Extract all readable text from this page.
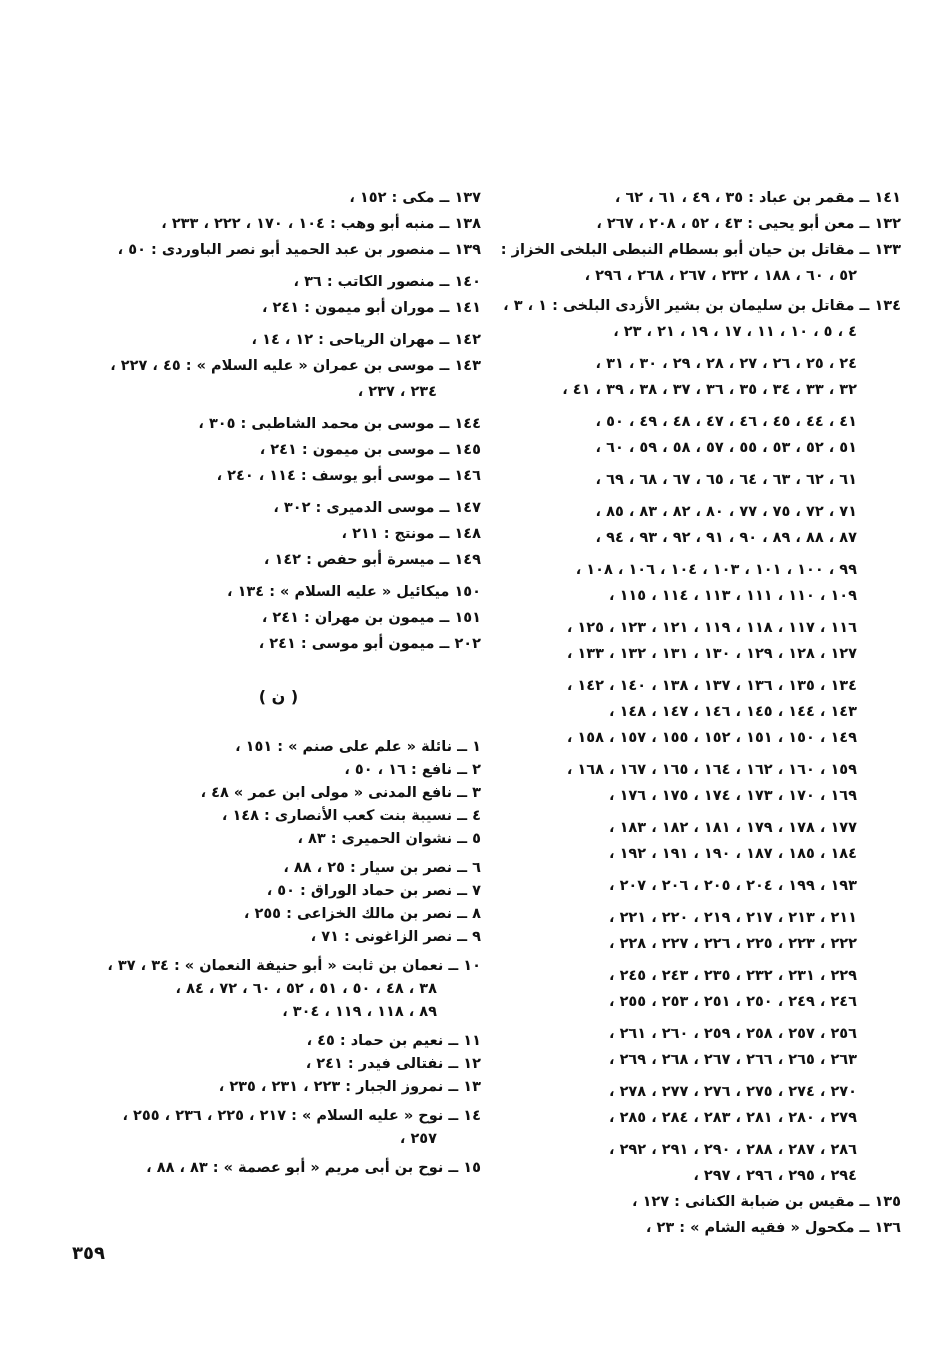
١٤١ ــ مقمر بن عباد : ٣٥ ، ٤٩ ، ٦١ ، ٦٢ ،
١٣٢ ــ معن أبو يحيى : ٤٣ ، ٥٢ ، ٢٠٨ ، ٢٦٧ ،
١٣٣ ــ مقاتل بن حيان أبو بسطام النبطى البلخى الخزاز :
٥٢ ، ٦٠ ، ١٨٨ ، ٢٣٢ ، ٢٦٧ ، ٢٦٨ ، ٢٩٦ ،
١٣٤ ــ مقاتل بن سليمان بن بشير الأزدى البلخى : ١ ، ٣ ،
٤ ، ٥ ، ١٠ ، ١١ ، ١٧ ، ١٩ ، ٢١ ، ٢٣ ،
٢٤ ، ٢٥ ، ٢٦ ، ٢٧ ، ٢٨ ، ٢٩ ، ٣٠ ، ٣١ ،
٣٢ ، ٣٣ ، ٣٤ ، ٣٥ ، ٣٦ ، ٣٧ ، ٣٨ ، ٣٩ ، ٤١ ،
٤١ ، ٤٤ ، ٤٥ ، ٤٦ ، ٤٧ ، ٤٨ ، ٤٩ ، ٥٠ ،
٥١ ، ٥٢ ، ٥٣ ، ٥٥ ، ٥٧ ، ٥٨ ، ٥٩ ، ٦٠ ،
٦١ ، ٦٢ ، ٦٣ ، ٦٤ ، ٦٥ ، ٦٧ ، ٦٨ ، ٦٩ ،
٧١ ، ٧٢ ، ٧٥ ، ٧٧ ، ٨٠ ، ٨٢ ، ٨٣ ، ٨٥ ،
٨٧ ، ٨٨ ، ٨٩ ، ٩٠ ، ٩١ ، ٩٢ ، ٩٣ ، ٩٤ ،
٩٩ ، ١٠٠ ، ١٠١ ، ١٠٣ ، ١٠٤ ، ١٠٦ ، ١٠٨ ،
١٠٩ ، ١١٠ ، ١١١ ، ١١٣ ، ١١٤ ، ١١٥ ،
١١٦ ، ١١٧ ، ١١٨ ، ١١٩ ، ١٢١ ، ١٢٣ ، ١٢٥ ،
١٢٧ ، ١٢٨ ، ١٢٩ ، ١٣٠ ، ١٣١ ، ١٣٢ ، ١٣٣ ،
١٣٤ ، ١٣٥ ، ١٣٦ ، ١٣٧ ، ١٣٨ ، ١٤٠ ، ١٤٢ ،
١٤٣ ، ١٤٤ ، ١٤٥ ، ١٤٦ ، ١٤٧ ، ١٤٨ ،
١٤٩ ، ١٥٠ ، ١٥١ ، ١٥٢ ، ١٥٥ ، ١٥٧ ، ١٥٨ ،
١٥٩ ، ١٦٠ ، ١٦٢ ، ١٦٤ ، ١٦٥ ، ١٦٧ ، ١٦٨ ،
١٦٩ ، ١٧٠ ، ١٧٣ ، ١٧٤ ، ١٧٥ ، ١٧٦ ،
١٧٧ ، ١٧٨ ، ١٧٩ ، ١٨١ ، ١٨٢ ، ١٨٣ ،
١٨٤ ، ١٨٥ ، ١٨٧ ، ١٩٠ ، ١٩١ ، ١٩٢ ،
١٩٣ ، ١٩٩ ، ٢٠٤ ، ٢٠٥ ، ٢٠٦ ، ٢٠٧ ،
٢١١ ، ٢١٣ ، ٢١٧ ، ٢١٩ ، ٢٢٠ ، ٢٢١ ،
٢٢٢ ، ٢٢٣ ، ٢٢٥ ، ٢٢٦ ، ٢٢٧ ، ٢٢٨ ،
٢٢٩ ، ٢٣١ ، ٢٣٢ ، ٢٣٥ ، ٢٤٣ ، ٢٤٥ ،
٢٤٦ ، ٢٤٩ ، ٢٥٠ ، ٢٥١ ، ٢٥٣ ، ٢٥٥ ،
٢٥٦ ، ٢٥٧ ، ٢٥٨ ، ٢٥٩ ، ٢٦٠ ، ٢٦١ ،
٢٦٣ ، ٢٦٥ ، ٢٦٦ ، ٢٦٧ ، ٢٦٨ ، ٢٦٩ ،
٢٧٠ ، ٢٧٤ ، ٢٧٥ ، ٢٧٦ ، ٢٧٧ ، ٢٧٨ ،
٢٧٩ ، ٢٨٠ ، ٢٨١ ، ٢٨٣ ، ٢٨٤ ، ٢٨٥ ،
٢٨٦ ، ٢٨٧ ، ٢٨٨ ، ٢٩٠ ، ٢٩١ ، ٢٩٢ ،
٢٩٤ ، ٢٩٥ ، ٢٩٦ ، ٢٩٧ ،
١٣٥ ــ مقيس بن ضبابة الكنانى : ١٢٧ ،
١٣٦ ــ مكحول « فقيه الشام » : ٢٣ ،
١٣٧ ــ مكى : ١٥٢ ،
١٣٨ ــ منبه أبو وهب : ١٠٤ ، ١٧٠ ، ٢٢٢ ، ٢٣٣ ،
١٣٩ ــ منصور بن عبد الحميد أبو نصر الباوردى : ٥٠ ،
١٤٠ ــ منصور الكاتب : ٣٦ ،
١٤١ ــ موران أبو ميمون : ٢٤١ ،
١٤٢ ــ مهران الرياحى : ١٢ ، ١٤ ،
١٤٣ ــ موسى بن عمران « عليه السلام » : ٤٥ ، ٢٢٧ ،
٢٣٤ ، ٢٣٧ ،
١٤٤ ــ موسى بن محمد الشاطبى : ٣٠٥ ،
١٤٥ ــ موسى بن ميمون : ٢٤١ ،
١٤٦ ــ موسى أبو يوسف : ١١٤ ، ٢٤٠ ،
١٤٧ ــ موسى الدميرى : ٣٠٢ ،
١٤٨ ــ مونتج : ٢١١ ،
١٤٩ ــ ميسرة أبو حفص : ١٤٢ ،
١٥٠ ميكائيل « عليه السلام » : ١٣٤ ،
١٥١ ــ ميمون بن مهران : ٢٤١ ،
٢٠٢ ــ ميمون أبو موسى : ٢٤١ ،
( ن )
١ ــ نائلة « علم على صنم » : ١٥١ ،
٢ ــ نافع : ١٦ ، ٥٠ ،
٣ ــ نافع المدنى « مولى ابن عمر » ٤٨ ،
٤ ــ نسيبة بنت كعب الأنصارى : ١٤٨ ،
٥ ــ نشوان الحميرى : ٨٣ ،
٦ ــ نصر بن سيار : ٢٥ ، ٨٨ ،
٧ ــ نصر بن حماد الوراق : ٥٠ ،
٨ ــ نصر بن مالك الخزاعى : ٢٥٥ ،
٩ ــ نصر الزاغونى : ٧١ ،
١٠ ــ نعمان بن ثابت « أبو حنيفة النعمان » : ٣٤ ، ٣٧ ،
٣٨ ، ٤٨ ، ٥٠ ، ٥١ ، ٥٢ ، ٦٠ ، ٧٢ ، ٨٤ ،
٨٩ ، ١١٨ ، ١١٩ ، ٣٠٤ ،
١١ ــ نعيم بن حماد : ٤٥ ،
١٢ ــ نفتالى فيدر : ٢٤١ ،
١٣ ــ نمروز الجبار : ٢٢٣ ، ٢٣١ ، ٢٣٥ ،
١٤ ــ نوح « عليه السلام » : ٢١٧ ، ٢٢٥ ، ٢٣٦ ، ٢٥٥ ،
٢٥٧ ،
١٥ ــ نوح بن أبى مريم « أبو عصمة » : ٨٣ ، ٨٨ ،
٣٥٩
